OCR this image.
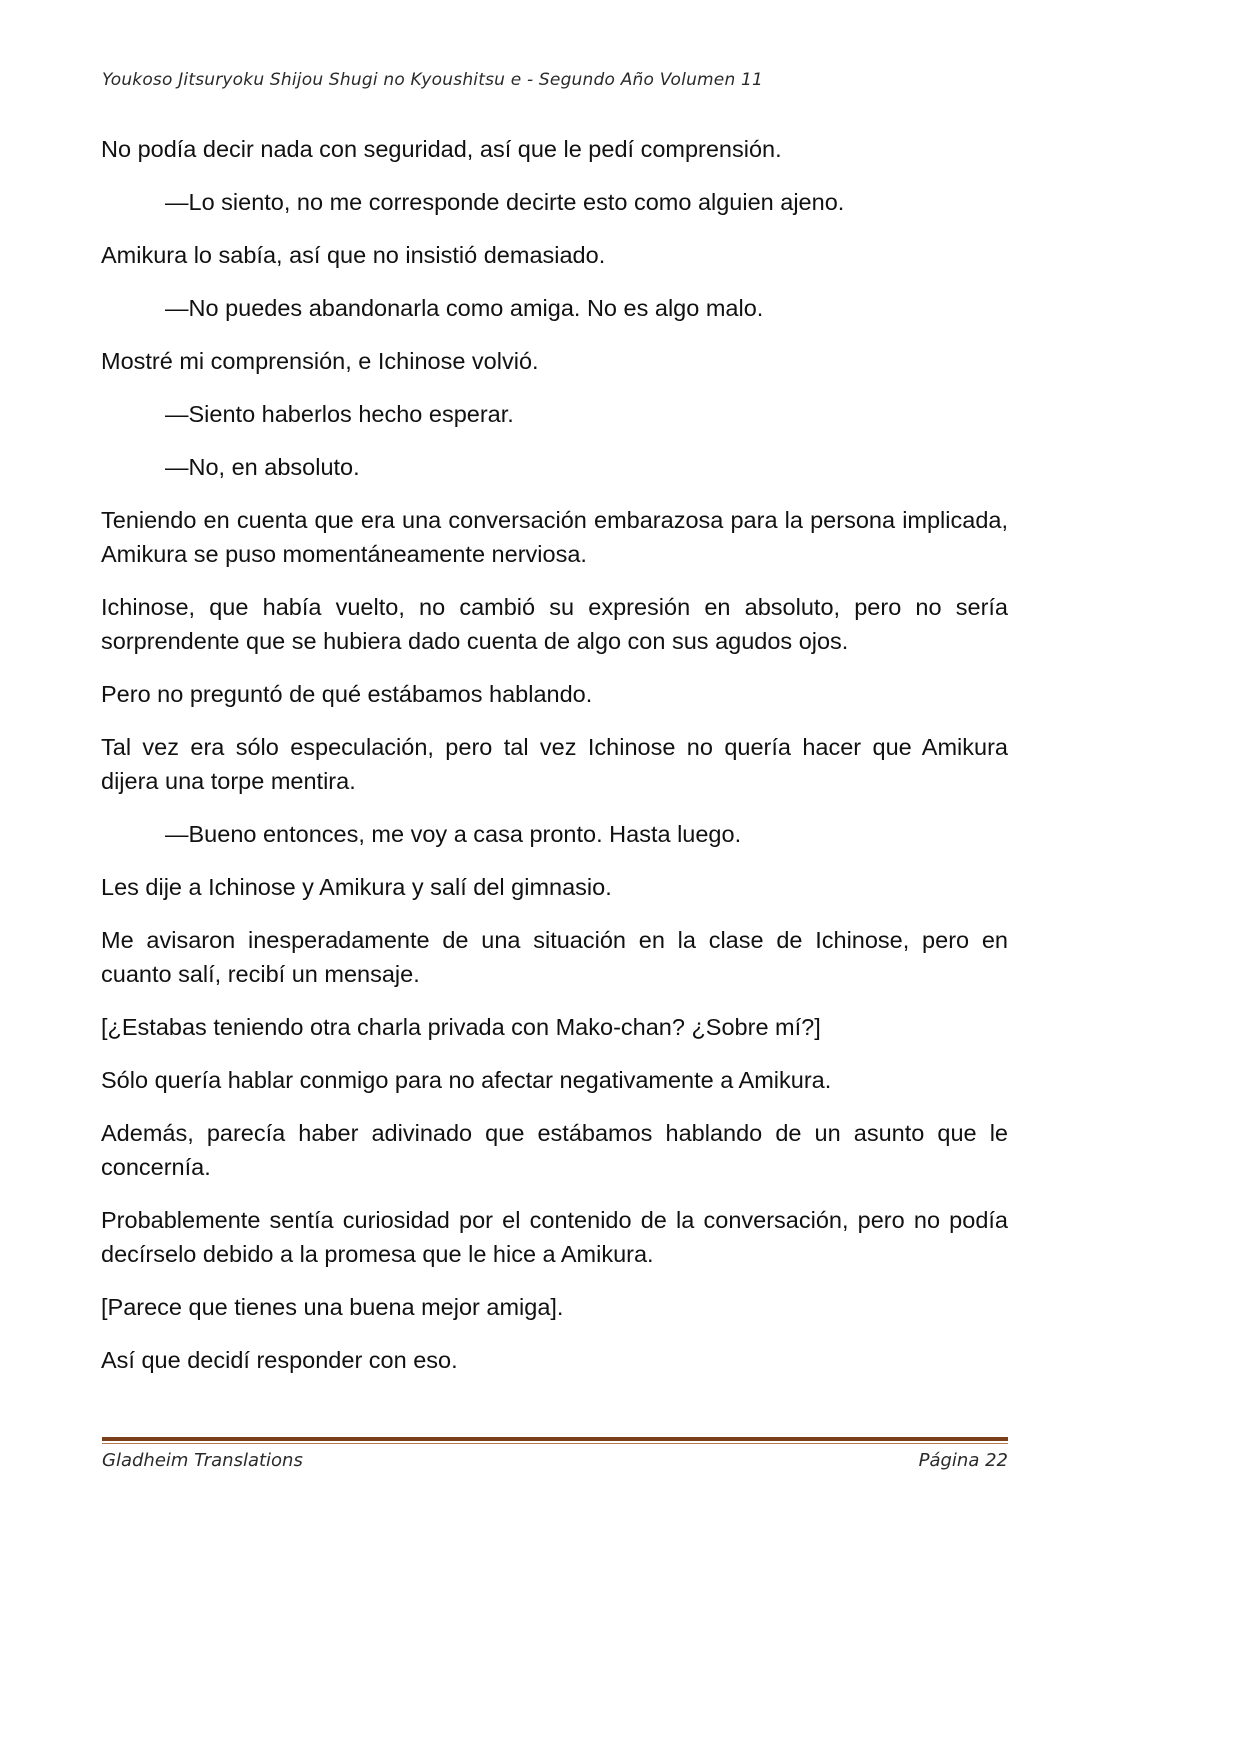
Youkoso Jitsuryoku Shijou Shugi no Kyoushitsu e - Segundo Año Volumen 11

No podía decir nada con seguridad, así que le pedí comprensión.

—Lo siento, no me corresponde decirte esto como alguien ajeno.

Amikura lo sabía, así que no insistió demasiado.

—No puedes abandonarla como amiga. No es algo malo.

Mostré mi comprensión, e Ichinose volvió.

—Siento haberlos hecho esperar.

—No, en absoluto.

Teniendo en cuenta que era una conversación embarazosa para la persona implicada, Amikura se puso momentáneamente nerviosa.

Ichinose, que había vuelto, no cambió su expresión en absoluto, pero no sería sorprendente que se hubiera dado cuenta de algo con sus agudos ojos.

Pero no preguntó de qué estábamos hablando.

Tal vez era sólo especulación, pero tal vez Ichinose no quería hacer que Amikura dijera una torpe mentira.

—Bueno entonces, me voy a casa pronto. Hasta luego.

Les dije a Ichinose y Amikura y salí del gimnasio.

Me avisaron inesperadamente de una situación en la clase de Ichinose, pero en cuanto salí, recibí un mensaje.

[¿Estabas teniendo otra charla privada con Mako-chan? ¿Sobre mí?]

Sólo quería hablar conmigo para no afectar negativamente a Amikura.

Además, parecía haber adivinado que estábamos hablando de un asunto que le concernía.

Probablemente sentía curiosidad por el contenido de la conversación, pero no podía decírselo debido a la promesa que le hice a Amikura.

[Parece que tienes una buena mejor amiga].

Así que decidí responder con eso.

Gladheim Translations	Página 22
